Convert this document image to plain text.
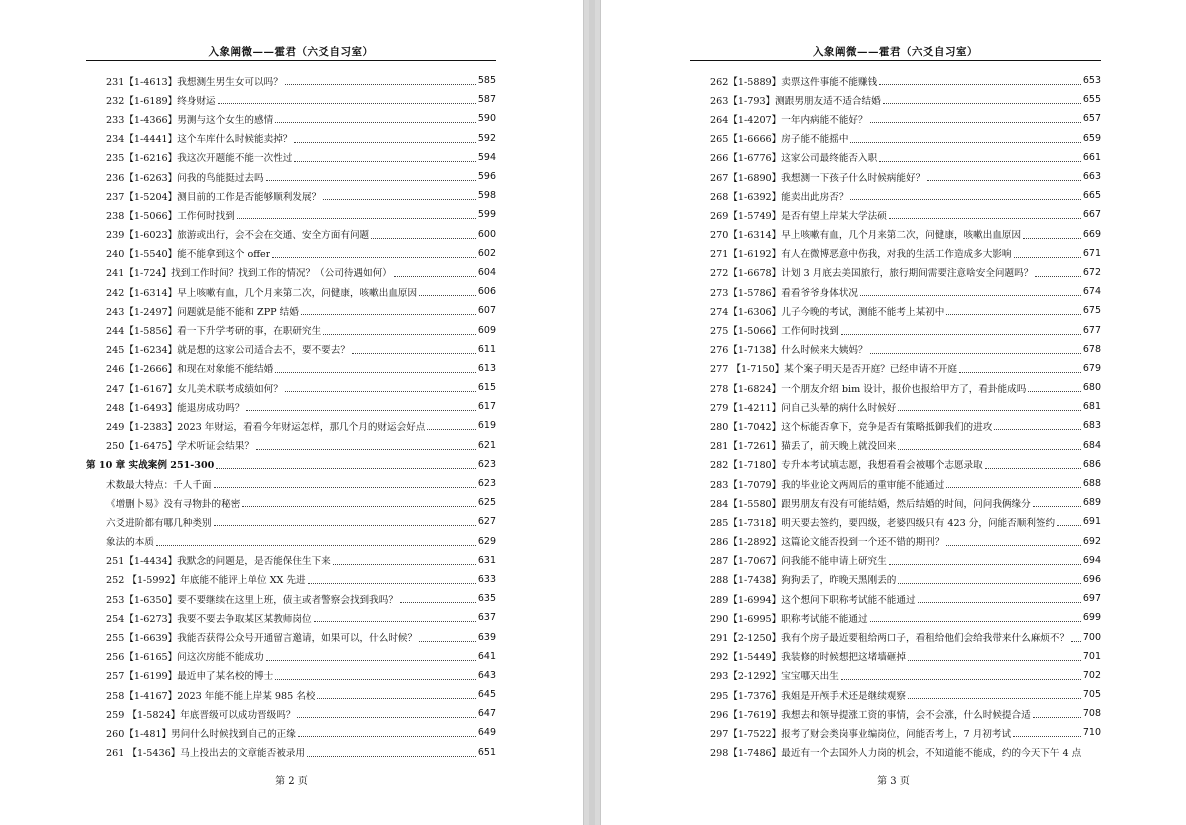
入象阐微——霍君（六爻自习室）
231【1-4613】我想测生男生女可以吗？	585
232【1-6189】终身财运	587
233【1-4366】男测与这个女生的感情	590
234【1-4441】这个车库什么时候能卖掉？	592
235【1-6216】我这次开题能不能一次性过	594
236【1-6263】问我的鸟能挺过去吗	596
237【1-5204】测目前的工作是否能够顺利发展？	598
238【1-5066】工作何时找到	599
239【1-6023】旅游或出行，会不会在交通、安全方面有问题	600
240【1-5540】能不能拿到这个 offer	602
241【1-724】找到工作时间？找到工作的情况？（公司待遇如何）	604
242【1-6314】早上咳嗽有血，几个月来第二次，问健康，咳嗽出血原因	606
243【1-2497】问题就是能不能和 ZPP 结婚	607
244【1-5856】看一下升学考研的事，在职研究生	609
245【1-6234】就是想的这家公司适合去不，要不要去？	611
246【1-2666】和现在对象能不能结婚	613
247【1-6167】女儿美术联考成绩如何？	615
248【1-6493】能退房成功吗？	617
249【1-2383】2023 年财运，看看今年财运怎样，那几个月的财运会好点	619
250【1-6475】学术听证会结果？	621
第 10 章 实战案例 251-300	623
术数最大特点：千人千面	623
《增删卜易》没有寻物卦的秘密	625
六爻进阶都有哪几种类别	627
象法的本质	629
251【1-4434】我默念的问题是，是否能保住生下来	631
252 【1-5992】年底能不能评上单位 XX 先进	633
253【1-6350】要不要继续在这里上班，债主或者警察会找到我吗？	635
254【1-6273】我要不要去争取某区某教师岗位	637
255【1-6639】我能否获得公众号开通留言邀请，如果可以，什么时候？	639
256【1-6165】问这次房能不能成功	641
257【1-6199】最近申了某名校的博士	643
258【1-4167】2023 年能不能上岸某 985 名校	645
259 【1-5824】年底晋级可以成功晋级吗？	647
260【1-481】男问什么时候找到自己的正缘	649
261 【1-5436】马上投出去的文章能否被录用	651
第 2 页
入象阐微——霍君（六爻自习室）
262【1-5889】卖票这件事能不能赚钱	653
263【1-793】测跟男朋友适不适合结婚	655
264【1-4207】一年内病能不能好？	657
265【1-6666】房子能不能摇中	659
266【1-6776】这家公司最终能否入职	661
267【1-6890】我想测一下孩子什么时候病能好？	663
268【1-6392】能卖出此房否？	665
269【1-5749】是否有望上岸某大学法硕	667
270【1-6314】早上咳嗽有血，几个月来第二次，问健康，咳嗽出血原因	669
271【1-6192】有人在微博恶意中伤我，对我的生活工作造成多大影响	671
272【1-6678】计划 3 月底去美国旅行，旅行期间需要注意啥安全问题吗？	672
273【1-5786】看看爷爷身体状况	674
274【1-6306】儿子今晚的考试，测能不能考上某初中	675
275【1-5066】工作何时找到	677
276【1-7138】什么时候来大姨妈？	678
277 【1-7150】某个案子明天是否开庭？已经申请不开庭	679
278【1-6824】一个朋友介绍 bim 设计，报价也报给甲方了，看卦能成吗	680
279【1-4211】问自己头晕的病什么时候好	681
280【1-7042】这个标能否拿下，竞争是否有策略抵御我们的进攻	683
281【1-7261】猫丢了，前天晚上就没回来	684
282【1-7180】专升本考试填志愿，我想看看会被哪个志愿录取	686
283【1-7079】我的毕业论文两周后的重审能不能通过	688
284【1-5580】跟男朋友有没有可能结婚，然后结婚的时间，问问我俩缘分	689
285【1-7318】明天要去签约，要四级，老婆四级只有 423 分，问能否顺利签约	691
286【1-2892】这篇论文能否投到一个还不错的期刊？	692
287【1-7067】问我能不能申请上研究生	694
288【1-7438】狗狗丢了，昨晚天黑刚丢的	696
289【1-6994】这个想问下职称考试能不能通过	697
290【1-6995】职称考试能不能通过	699
291【2-1250】我有个房子最近要租给两口子，看租给他们会给我带来什么麻烦不？ 700
292【1-5449】我装修的时候想把这堵墙砸掉	701
293【2-1292】宝宝哪天出生	702
295【1-7376】我姐是开颅手术还是继续观察	705
296【1-7619】我想去和领导提涨工资的事情，会不会涨，什么时候提合适	708
297【1-7522】报考了财会类岗事业编岗位，问能否考上，7 月初考试	710
298【1-7486】最近有一个去国外人力岗的机会，不知道能不能成，约的今天下午 4 点
第 3 页
